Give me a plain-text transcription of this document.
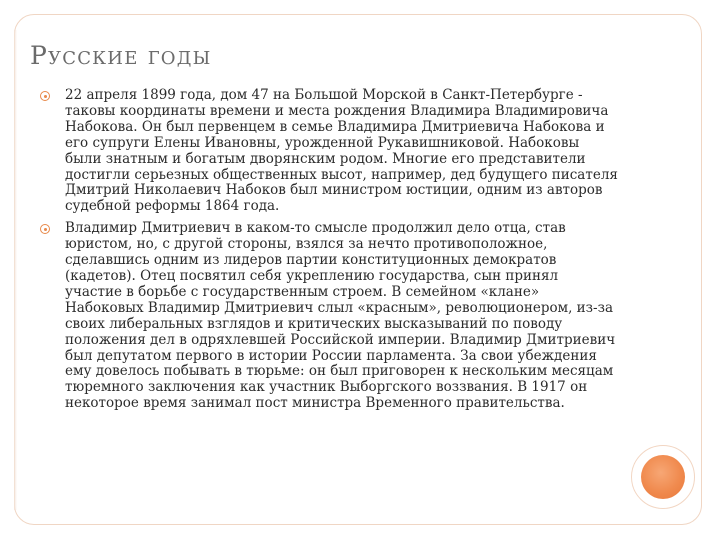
Русские годы
22 апреля 1899 года, дом 47 на Большой Морской в Санкт-Петербурге - таковы координаты времени и места рождения Владимира Владимировича Набокова. Он был первенцем в семье Владимира Дмитриевича Набокова и его супруги Елены Ивановны, урожденной Рукавишниковой. Набоковы были знатным и богатым дворянским родом. Многие его представители достигли серьезных общественных высот, например, дед будущего писателя Дмитрий Николаевич Набоков был министром юстиции, одним из авторов судебной реформы 1864 года.
Владимир Дмитриевич в каком-то смысле продолжил дело отца, став юристом, но, с другой стороны, взялся за нечто противоположное, сделавшись одним из лидеров партии конституционных демократов (кадетов). Отец посвятил себя укреплению государства, сын принял участие в борьбе с государственным строем. В семейном «клане» Набоковых Владимир Дмитриевич слыл «красным», революционером, из-за своих либеральных взглядов и критических высказываний по поводу положения дел в одряхлевшей Российской империи. Владимир Дмитриевич был депутатом первого в истории России парламента. За свои убеждения ему довелось побывать в тюрьме: он был приговорен к нескольким месяцам тюремного заключения как участник Выборгского воззвания. В 1917 он некоторое время занимал пост министра Временного правительства.
